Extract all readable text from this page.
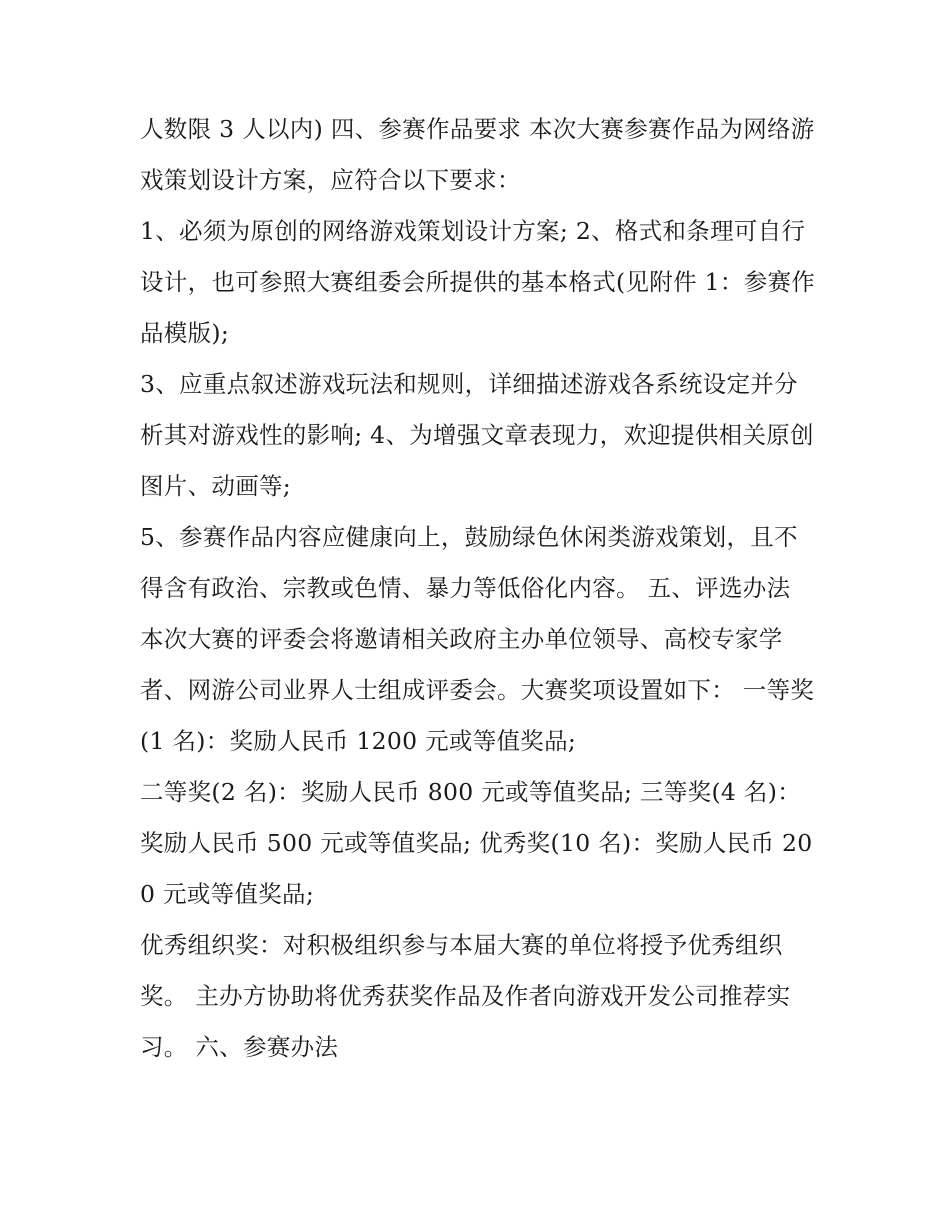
人数限 3 人以内) 四、参赛作品要求 本次大赛参赛作品为网络游戏策划设计方案，应符合以下要求：

1、必须为原创的网络游戏策划设计方案; 2、格式和条理可自行设计，也可参照大赛组委会所提供的基本格式(见附件 1：参赛作品模版);

3、应重点叙述游戏玩法和规则，详细描述游戏各系统设定并分析其对游戏性的影响; 4、为增强文章表现力，欢迎提供相关原创图片、动画等;

5、参赛作品内容应健康向上，鼓励绿色休闲类游戏策划，且不得含有政治、宗教或色情、暴力等低俗化内容。 五、评选办法

本次大赛的评委会将邀请相关政府主办单位领导、高校专家学者、网游公司业界人士组成评委会。大赛奖项设置如下： 一等奖(1 名)：奖励人民币 1200 元或等值奖品;

二等奖(2 名)：奖励人民币 800 元或等值奖品; 三等奖(4 名)：奖励人民币 500 元或等值奖品; 优秀奖(10 名)：奖励人民币 200 元或等值奖品;

优秀组织奖：对积极组织参与本届大赛的单位将授予优秀组织奖。 主办方协助将优秀获奖作品及作者向游戏开发公司推荐实习。 六、参赛办法
